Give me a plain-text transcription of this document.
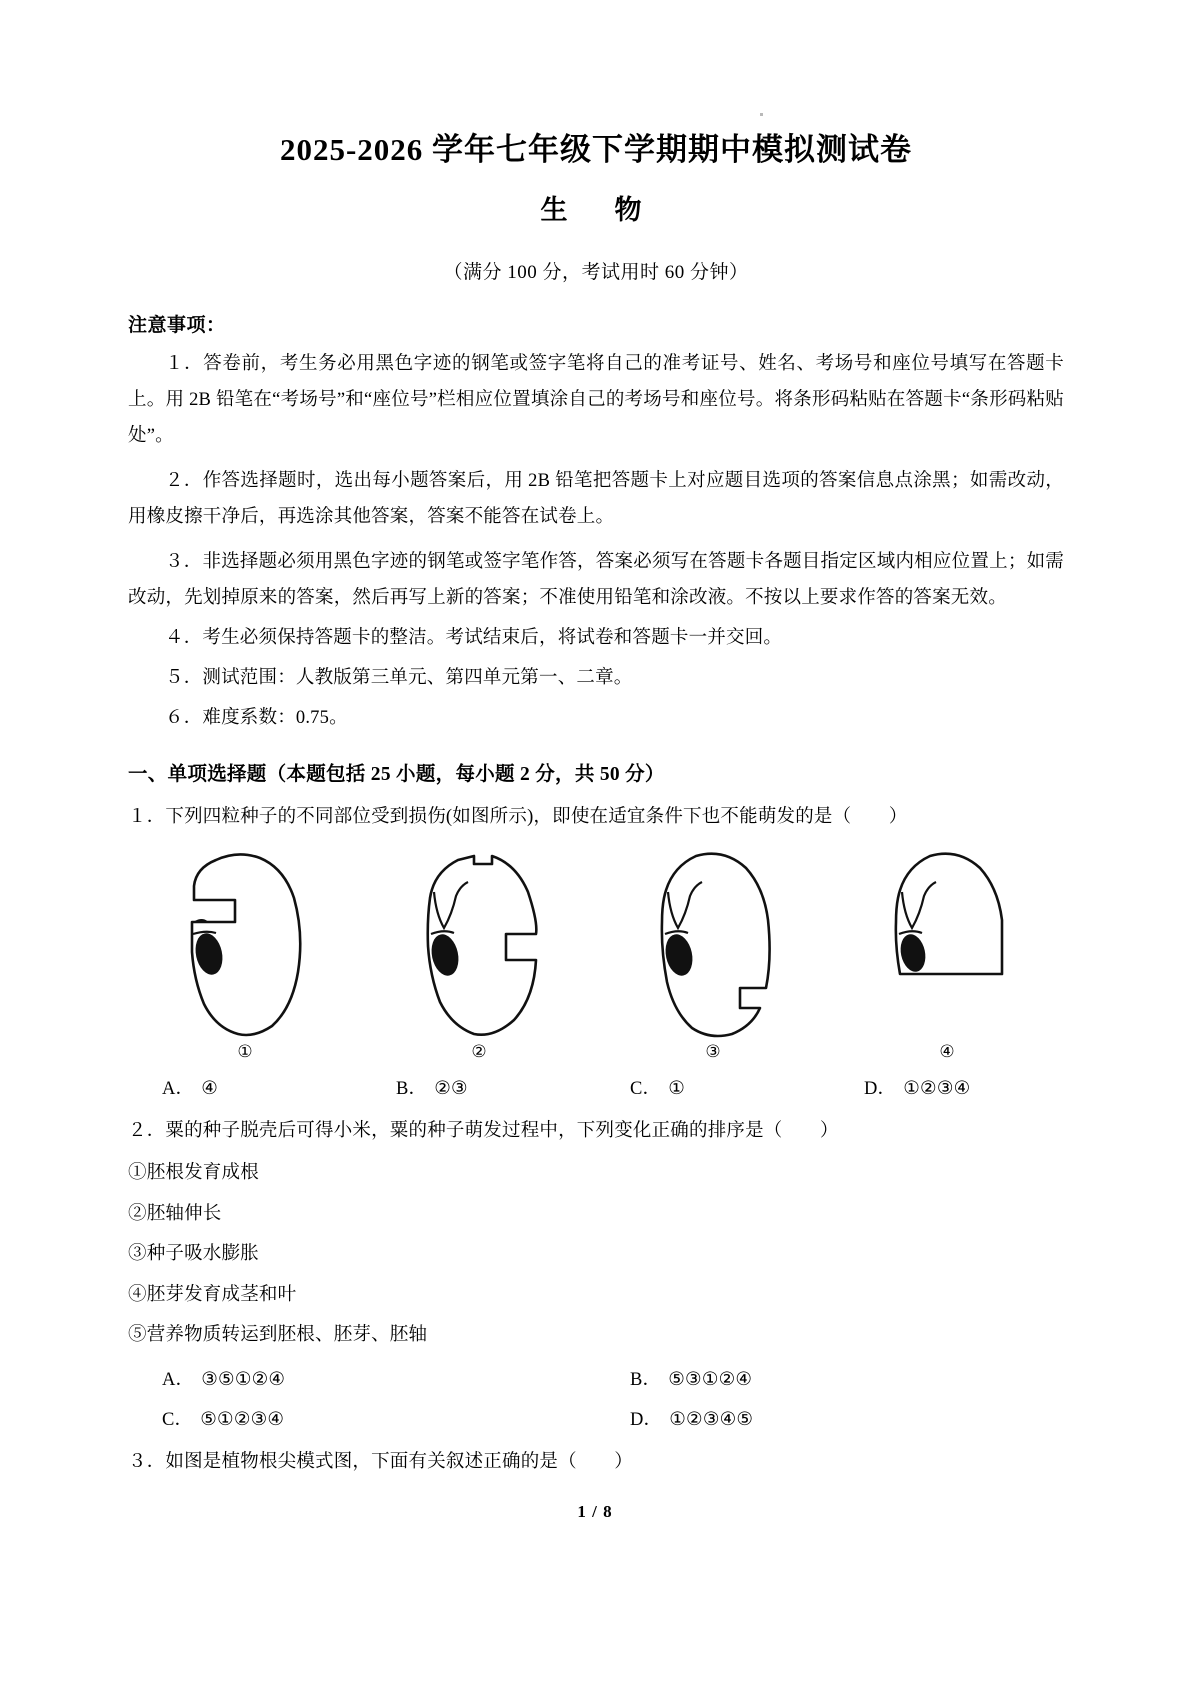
2025-2026 学年七年级下学期期中模拟测试卷
生　物
（满分 100 分，考试用时 60 分钟）
注意事项：
１．答卷前，考生务必用黑色字迹的钢笔或签字笔将自己的准考证号、姓名、考场号和座位号填写在答题卡上。用 2B 铅笔在“考场号”和“座位号”栏相应位置填涂自己的考场号和座位号。将条形码粘贴在答题卡“条形码粘贴处”。
２．作答选择题时，选出每小题答案后，用 2B 铅笔把答题卡上对应题目选项的答案信息点涂黑；如需改动，用橡皮擦干净后，再选涂其他答案，答案不能答在试卷上。
３．非选择题必须用黑色字迹的钢笔或签字笔作答，答案必须写在答题卡各题目指定区域内相应位置上；如需改动，先划掉原来的答案，然后再写上新的答案；不准使用铅笔和涂改液。不按以上要求作答的答案无效。
４．考生必须保持答题卡的整洁。考试结束后，将试卷和答题卡一并交回。
５．测试范围：人教版第三单元、第四单元第一、二章。
６．难度系数：0.75。
一、单项选择题（本题包括 25 小题，每小题 2 分，共 50 分）
１．下列四粒种子的不同部位受到损伤(如图所示)，即使在适宜条件下也不能萌发的是（　　）
①	②	③	④
A． ④	B． ②③	C． ①	D． ①②③④
２．粟的种子脱壳后可得小米，粟的种子萌发过程中，下列变化正确的排序是（　　）
①胚根发育成根
②胚轴伸长
③种子吸水膨胀
④胚芽发育成茎和叶
⑤营养物质转运到胚根、胚芽、胚轴
A． ③⑤①②④	B． ⑤③①②④
C． ⑤①②③④	D． ①②③④⑤
３．如图是植物根尖模式图，下面有关叙述正确的是（　　）
1 / 8
